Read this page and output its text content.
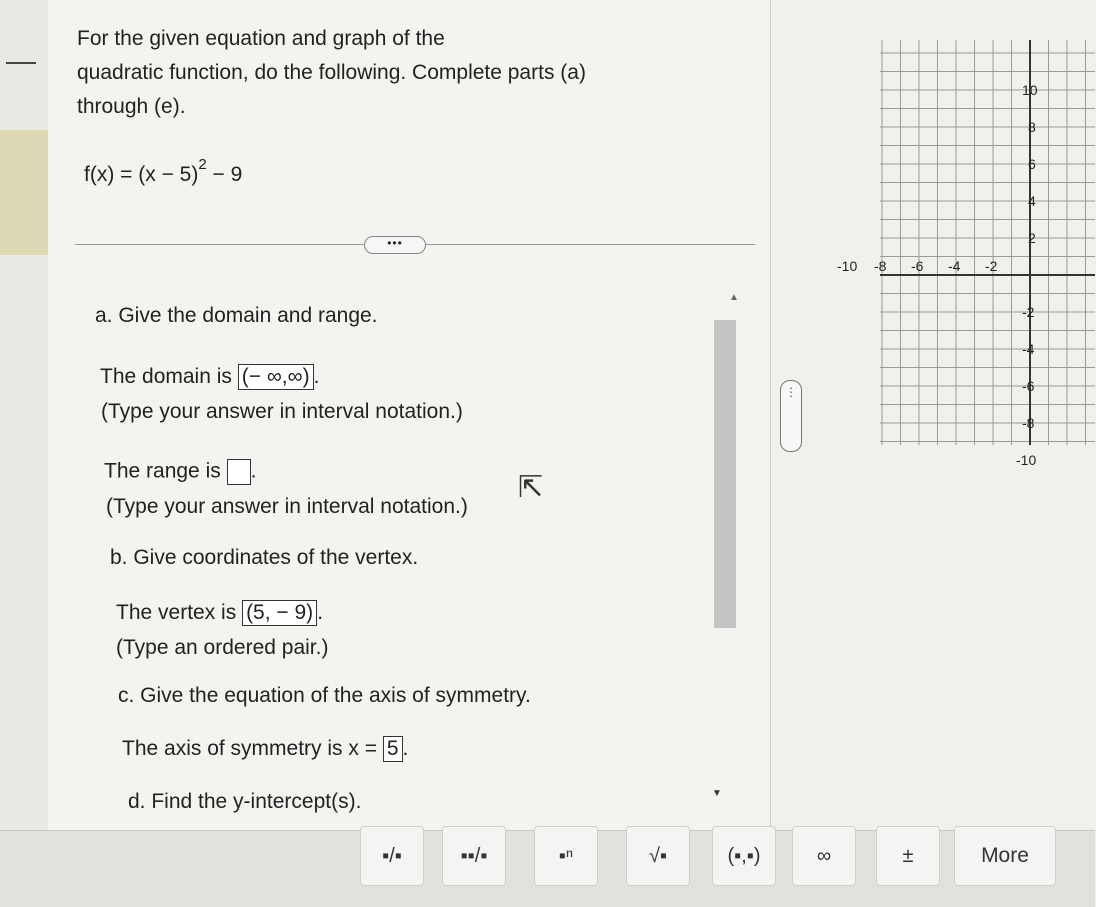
For the given equation and graph of the
quadratic function, do the following. Complete parts (a)
through (e).
$f(x) = (x - 5)^2 - 9$
•••
a. Give the domain and range.
The domain is (− ∞,∞) .
(Type your answer in interval notation.)
The range is .
(Type your answer in interval notation.)
b. Give coordinates of the vertex.
The vertex is (5, − 9) .
(Type an ordered pair.)
c. Give the equation of the axis of symmetry.
The axis of symmetry is x = 5 .
d. Find the y-intercept(s).
▲
▼
⋮
⇱
10
8
6
4
2
-2
-4
-6
-8
-10
-10 -8 -6 -4 -2
▪/▪	▪▪/▪	▪ⁿ	√▪	(▪,▪)	∞	±	More
